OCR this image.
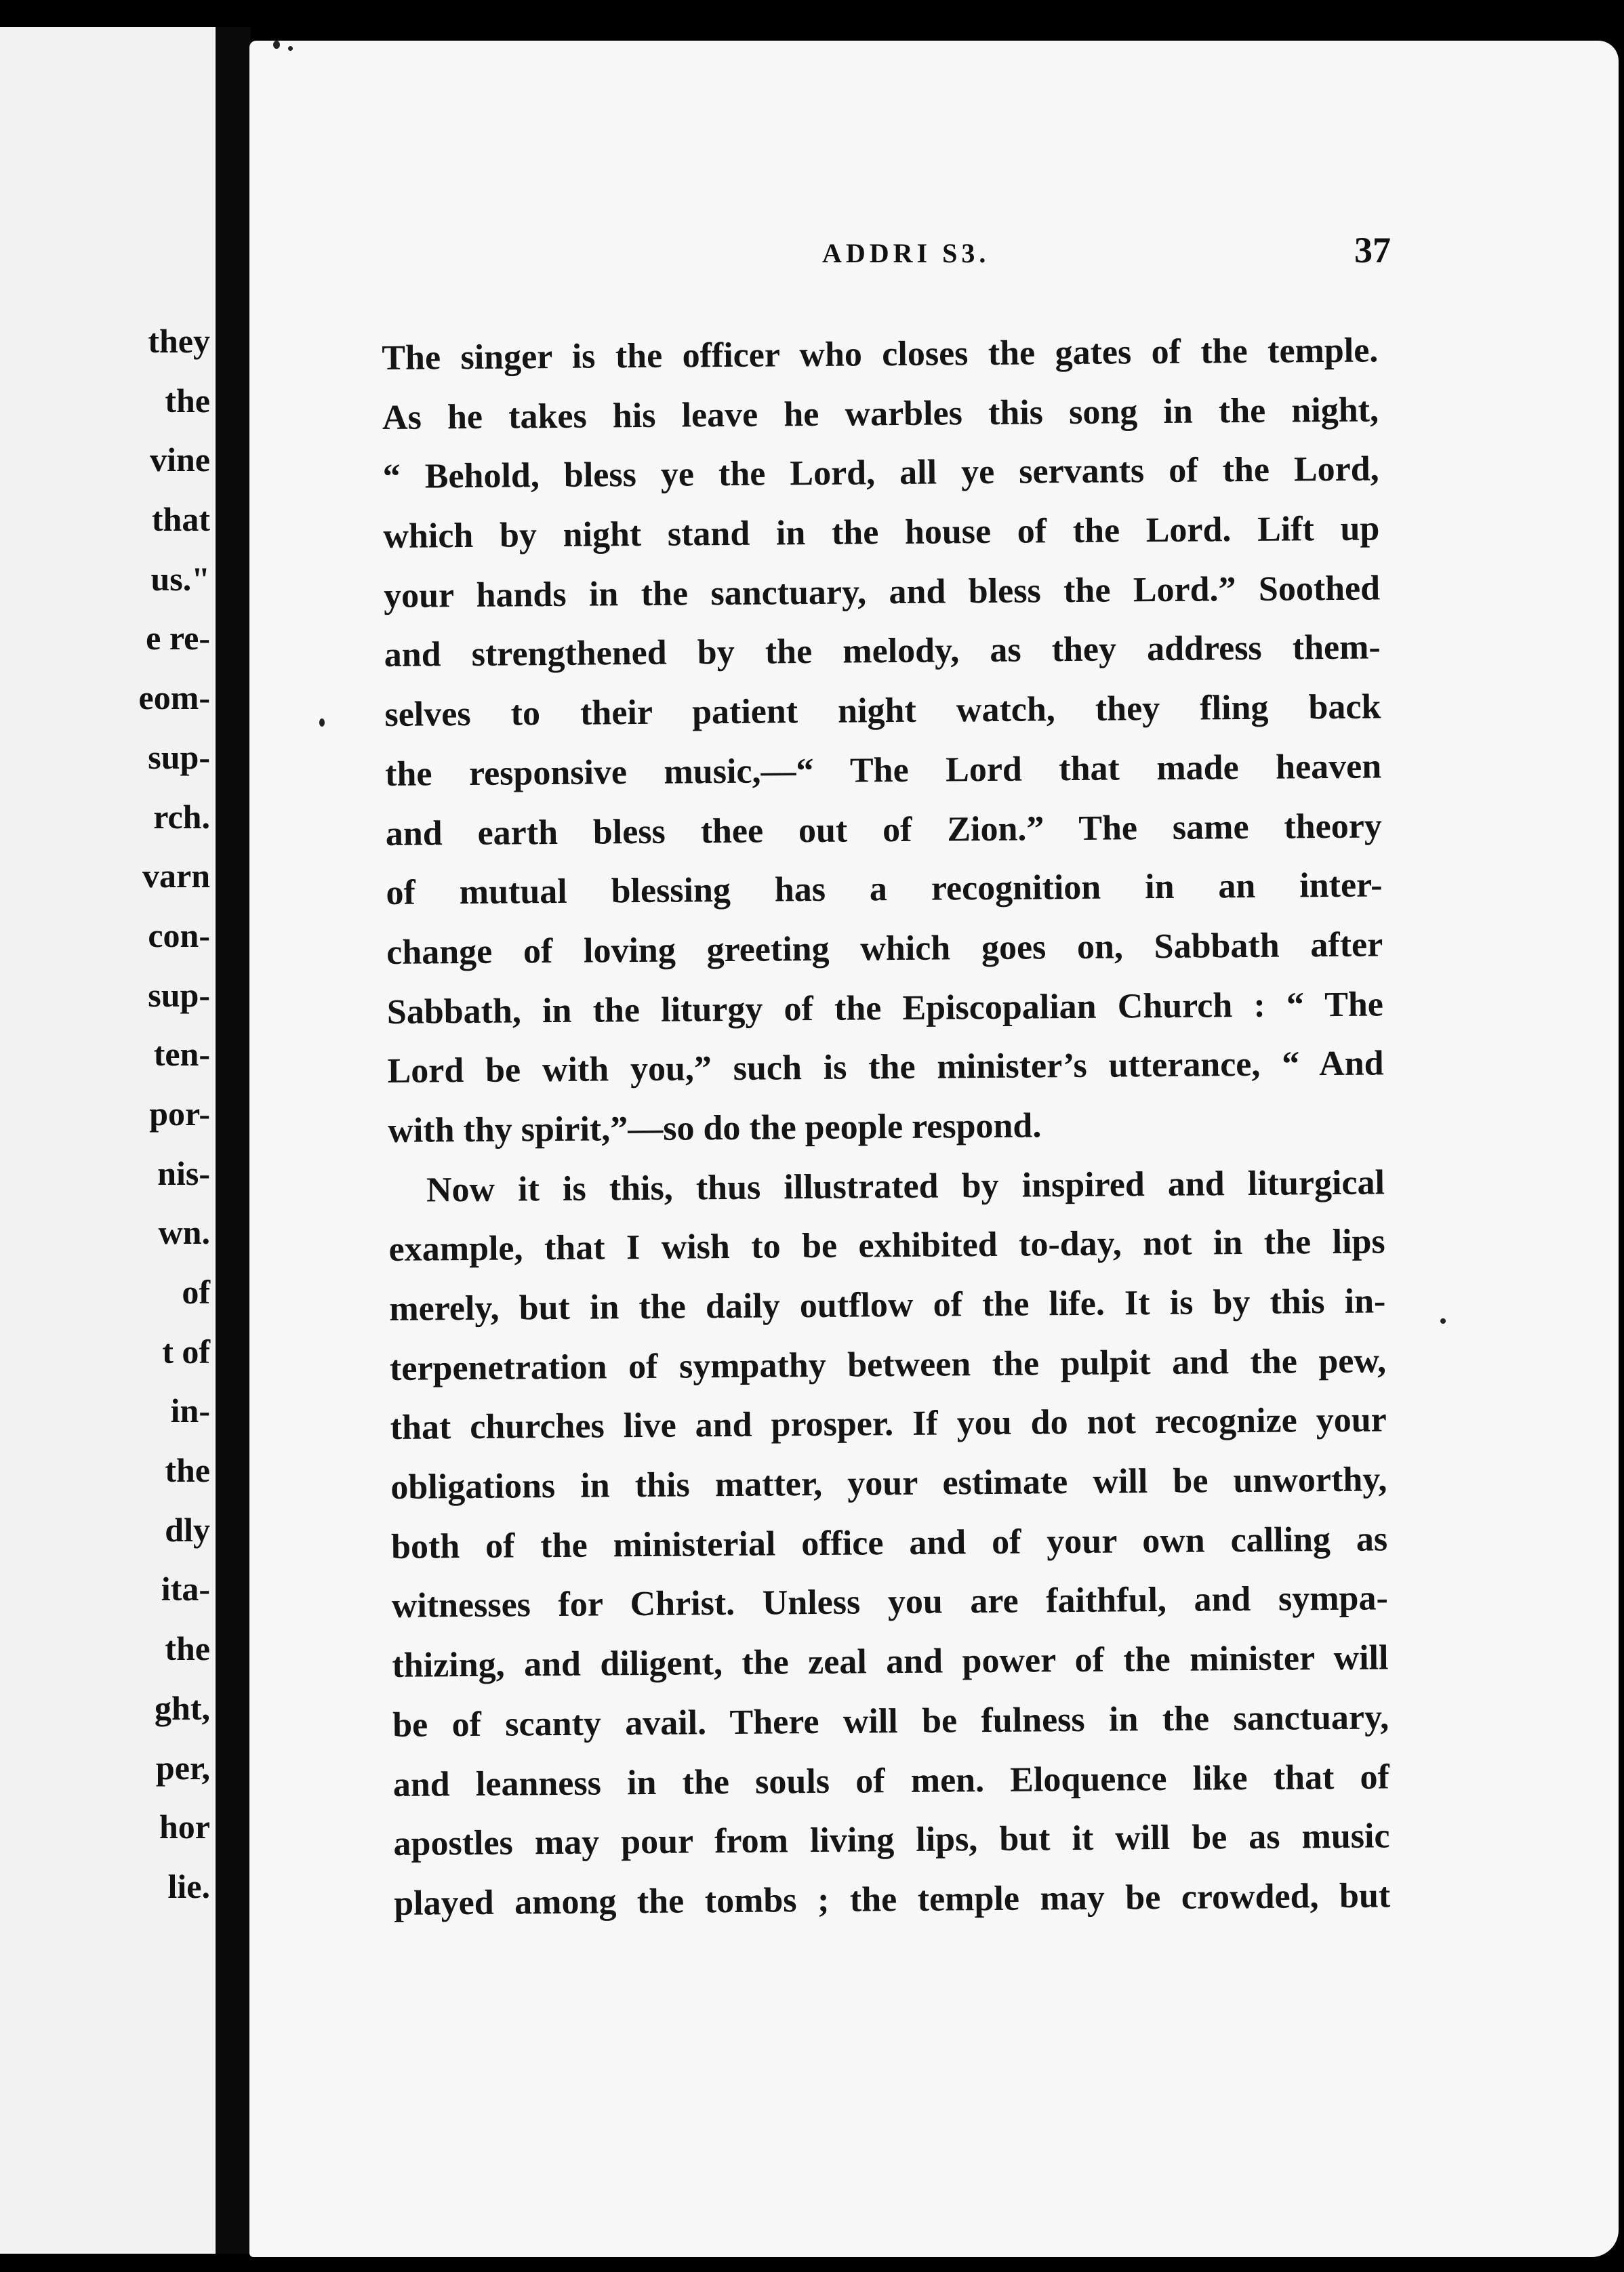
they
the
vine
that
us."
e re-
eom-
sup-
rch.
varn
con-
sup-
ten-
por-
nis-
wn.
of
t of
in-
the
dly
ita-
the
ght,
per,
hor
lie.
ADDRI S3.	37
The singer is the officer who closes the gates of the temple.
As he takes his leave he warbles this song in the night,
“ Behold, bless ye the Lord, all ye servants of the Lord,
which by night stand in the house of the Lord. Lift up
your hands in the sanctuary, and bless the Lord.” Soothed
and strengthened by the melody, as they address them-
selves to their patient night watch, they fling back
the responsive music,—“ The Lord that made heaven
and earth bless thee out of Zion.” The same theory
of mutual blessing has a recognition in an inter-
change of loving greeting which goes on, Sabbath after
Sabbath, in the liturgy of the Episcopalian Church : “ The
Lord be with you,” such is the minister’s utterance, “ And
with thy spirit,”—so do the people respond.
Now it is this, thus illustrated by inspired and liturgical
example, that I wish to be exhibited to-day, not in the lips
merely, but in the daily outflow of the life. It is by this in-
terpenetration of sympathy between the pulpit and the pew,
that churches live and prosper. If you do not recognize your
obligations in this matter, your estimate will be unworthy,
both of the ministerial office and of your own calling as
witnesses for Christ. Unless you are faithful, and sympa-
thizing, and diligent, the zeal and power of the minister will
be of scanty avail. There will be fulness in the sanctuary,
and leanness in the souls of men. Eloquence like that of
apostles may pour from living lips, but it will be as music
played among the tombs ; the temple may be crowded, but
